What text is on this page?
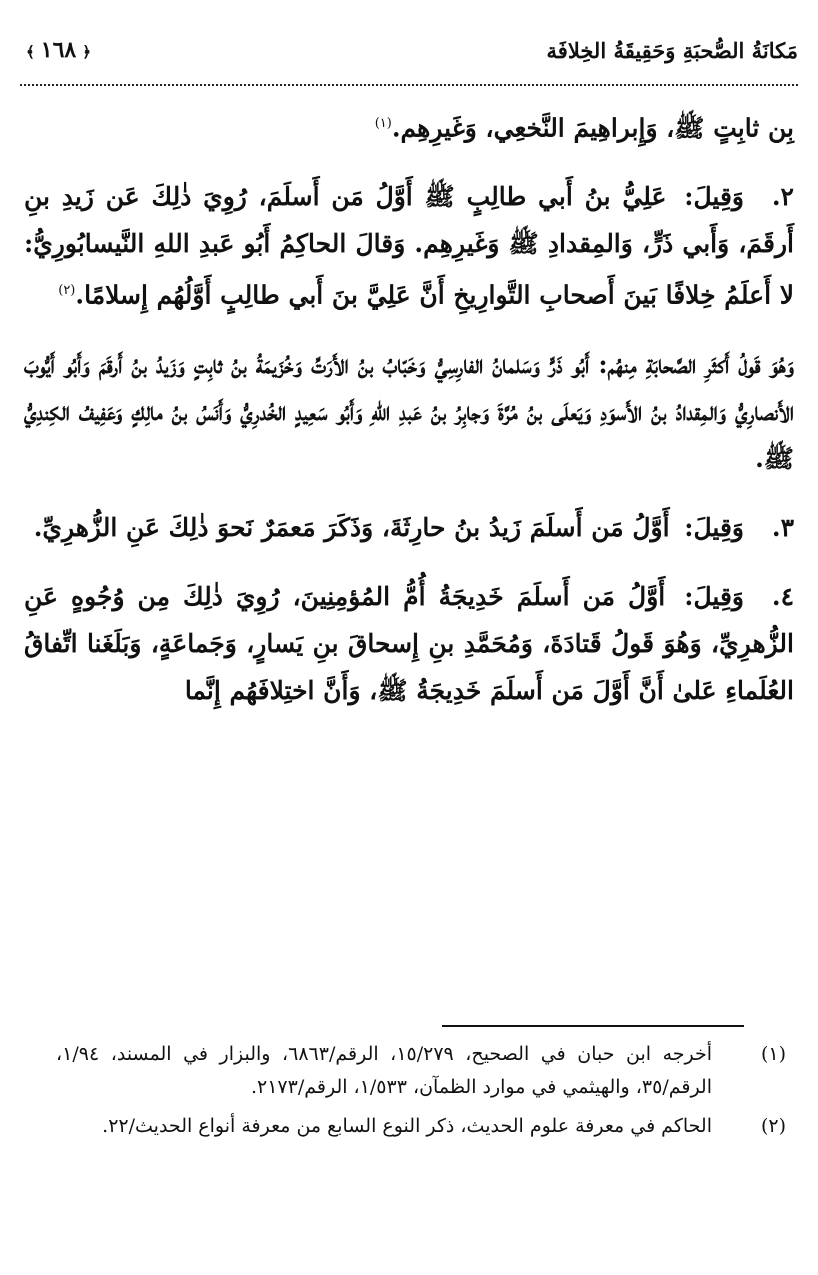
مَكانَةُ الصُّحبَةِ وَحَقِيقَةُ الخِلافَة
﴾ ١٦٨ ﴿

بِن ثابِتٍ ﷺ، وَإِبراهِيمَ النَّخعِي، وَغَيرِهِم.$^{(١)}$

٢.وَقِيلَ: عَلِيُّ بنُ أَبي طالِبٍ ﷺ أَوَّلُ مَن أَسلَمَ، رُوِيَ ذٰلِكَ عَن زَيدِ بنِ أَرقَمَ، وَأَبي ذَرٍّ، وَالمِقدادِ ﷺ وَغَيرِهِم. وَقالَ الحاكِمُ أَبُو عَبدِ اللهِ النَّيسابُورِيُّ: لا أَعلَمُ خِلافًا بَينَ أَصحابِ التَّوارِيخِ أَنَّ عَلِيَّ بنَ أَبي طالِبٍ أَوَّلُهُم إِسلامًا.$^{(٢)}$

وَهُوَ قَولُ أَكثَرِ الصَّحابَةِ مِنهُم: أَبُو ذَرٍّ وَسَلمانُ الفارِسِيُّ وَخَبّابُ بنُ الأَرَتِّ وَخُزَيمَةُ بنُ ثابِتٍ وَزَيدُ بنُ أَرقَمَ وَأَبُو أَيُّوبَ الأَنصارِيُّ وَالمِقدادُ بنُ الأَسوَدِ وَيَعلَى بنُ مُرَّةَ وَجابِرُ بنُ عَبدِ اللهِ وَأَبُو سَعِيدٍ الخُدرِيُّ وَأَنَسُ بنُ مالِكٍ وَعَفِيفُ الكِندِيُّ ﷺ.

٣.وَقِيلَ: أَوَّلُ مَن أَسلَمَ زَيدُ بنُ حارِثَةَ، وَذَكَرَ مَعمَرٌ نَحوَ ذٰلِكَ عَنِ الزُّهرِيِّ.

٤.وَقِيلَ: أَوَّلُ مَن أَسلَمَ خَدِيجَةُ أُمُّ المُؤمِنِينَ، رُوِيَ ذٰلِكَ مِن وُجُوهٍ عَنِ الزُّهرِيِّ، وَهُوَ قَولُ قَتادَةَ، وَمُحَمَّدِ بنِ إِسحاقَ بنِ يَسارٍ، وَجَماعَةٍ، وَبَلَغَنا اتِّفاقُ العُلَماءِ عَلىٰ أَنَّ أَوَّلَ مَن أَسلَمَ خَدِيجَةُ ﷺ، وَأَنَّ اختِلافَهُم إِنَّما

(١)
أخرجه ابن حبان في الصحيح، ١٥/٢٧٩، الرقم/٦٨٦٣، والبزار في المسند، ١/٩٤، الرقم/٣٥، والهيثمي في موارد الظمآن، ١/٥٣٣، الرقم/٢١٧٣.
(٢)
الحاكم في معرفة علوم الحديث، ذكر النوع السابع من معرفة أنواع الحديث/٢٢.
